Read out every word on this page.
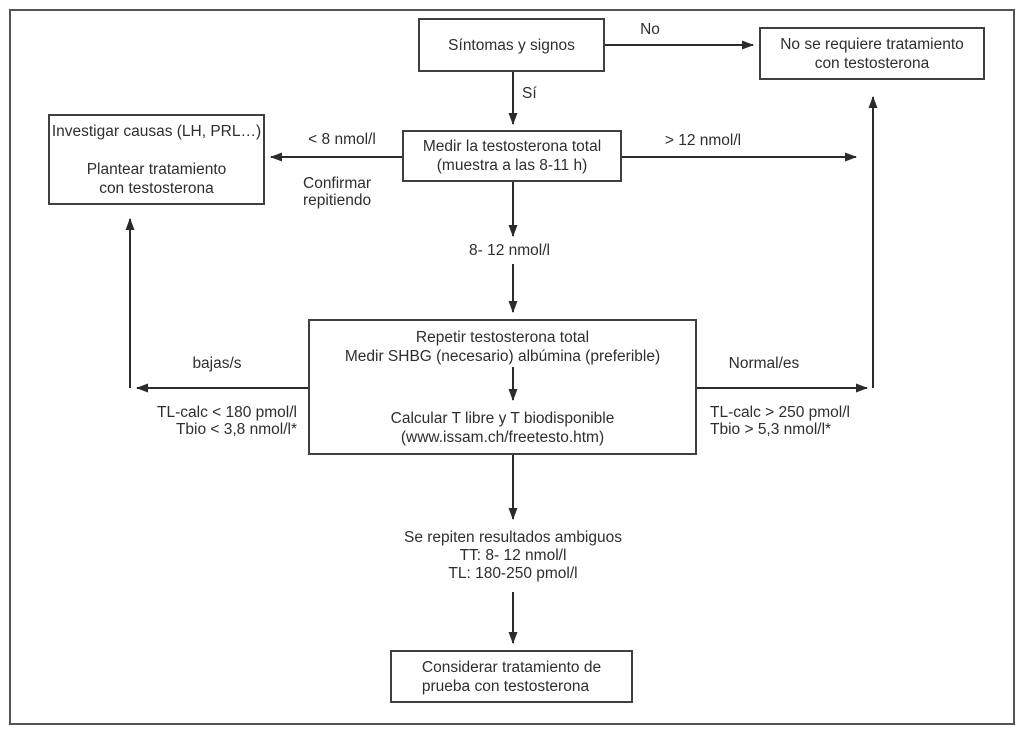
Síntomas y signos	No se requiere tratamiento
con testosterona
Medir la testosterona total
(muestra a las 8-11 h)
Investigar causas (LH, PRL…)
Plantear tratamiento
con testosterona
Repetir testosterona total
Medir SHBG (necesario) albúmina (preferible)
Calcular T libre y T biodisponible
(www.issam.ch/freetesto.htm)
Considerar tratamiento de
prueba con testosterona
No
Sí
< 8 nmol/l
Confirmar
repitiendo
> 12 nmol/l
8- 12 nmol/l
bajas/s
TL-calc < 180 pmol/l
Tbio < 3,8 nmol/l*
Normal/es
TL-calc > 250 pmol/l
Tbio > 5,3 nmol/l*
Se repiten resultados ambiguos
TT: 8- 12 nmol/l
TL: 180-250 pmol/l
